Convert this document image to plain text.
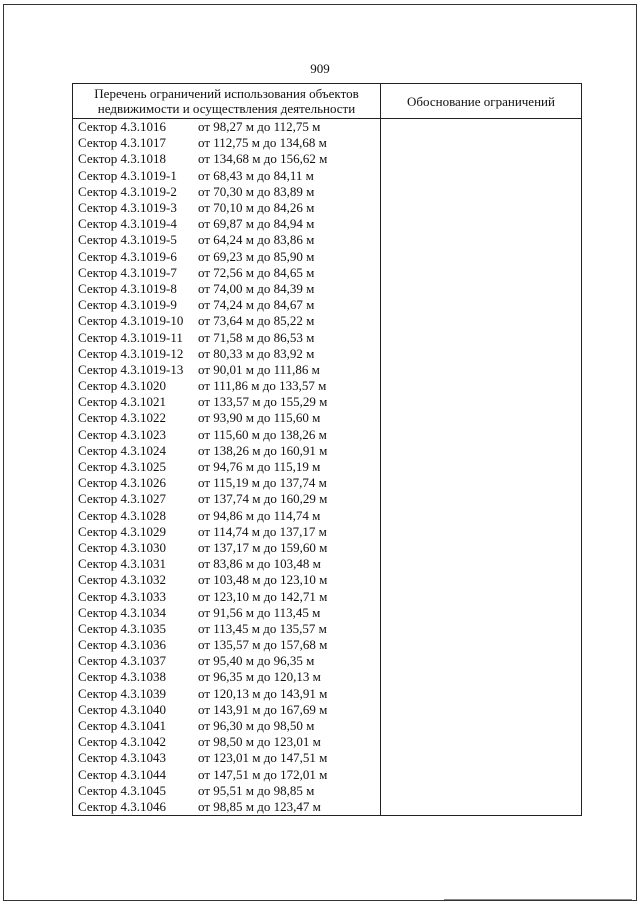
909
Перечень ограничений использования объектов недвижимости и осуществления деятельности	Обоснование ограничений
Сектор 4.3.1016 от 98,27 м до 112,75 м	
Сектор 4.3.1017 от 112,75 м до 134,68 м	
Сектор 4.3.1018 от 134,68 м до 156,62 м	
Сектор 4.3.1019-1 от 68,43 м до 84,11 м	
Сектор 4.3.1019-2 от 70,30 м до 83,89 м	
Сектор 4.3.1019-3 от 70,10 м до 84,26 м	
Сектор 4.3.1019-4 от 69,87 м до 84,94 м	
Сектор 4.3.1019-5 от 64,24 м до 83,86 м	
Сектор 4.3.1019-6 от 69,23 м до 85,90 м	
Сектор 4.3.1019-7 от 72,56 м до 84,65 м	
Сектор 4.3.1019-8 от 74,00 м до 84,39 м	
Сектор 4.3.1019-9 от 74,24 м до 84,67 м	
Сектор 4.3.1019-10 от 73,64 м до 85,22 м	
Сектор 4.3.1019-11 от 71,58 м до 86,53 м	
Сектор 4.3.1019-12 от 80,33 м до 83,92 м	
Сектор 4.3.1019-13 от 90,01 м до 111,86 м	
Сектор 4.3.1020 от 111,86 м до 133,57 м	
Сектор 4.3.1021 от 133,57 м до 155,29 м	
Сектор 4.3.1022 от 93,90 м до 115,60 м	
Сектор 4.3.1023 от 115,60 м до 138,26 м	
Сектор 4.3.1024 от 138,26 м до 160,91 м	
Сектор 4.3.1025 от 94,76 м до 115,19 м	
Сектор 4.3.1026 от 115,19 м до 137,74 м	
Сектор 4.3.1027 от 137,74 м до 160,29 м	
Сектор 4.3.1028 от 94,86 м до 114,74 м	
Сектор 4.3.1029 от 114,74 м до 137,17 м	
Сектор 4.3.1030 от 137,17 м до 159,60 м	
Сектор 4.3.1031 от 83,86 м до 103,48 м	
Сектор 4.3.1032 от 103,48 м до 123,10 м	
Сектор 4.3.1033 от 123,10 м до 142,71 м	
Сектор 4.3.1034 от 91,56 м до 113,45 м	
Сектор 4.3.1035 от 113,45 м до 135,57 м	
Сектор 4.3.1036 от 135,57 м до 157,68 м	
Сектор 4.3.1037 от 95,40 м до 96,35 м	
Сектор 4.3.1038 от 96,35 м до 120,13 м	
Сектор 4.3.1039 от 120,13 м до 143,91 м	
Сектор 4.3.1040 от 143,91 м до 167,69 м	
Сектор 4.3.1041 от 96,30 м до 98,50 м	
Сектор 4.3.1042 от 98,50 м до 123,01 м	
Сектор 4.3.1043 от 123,01 м до 147,51 м	
Сектор 4.3.1044 от 147,51 м до 172,01 м	
Сектор 4.3.1045 от 95,51 м до 98,85 м	
Сектор 4.3.1046 от 98,85 м до 123,47 м	
